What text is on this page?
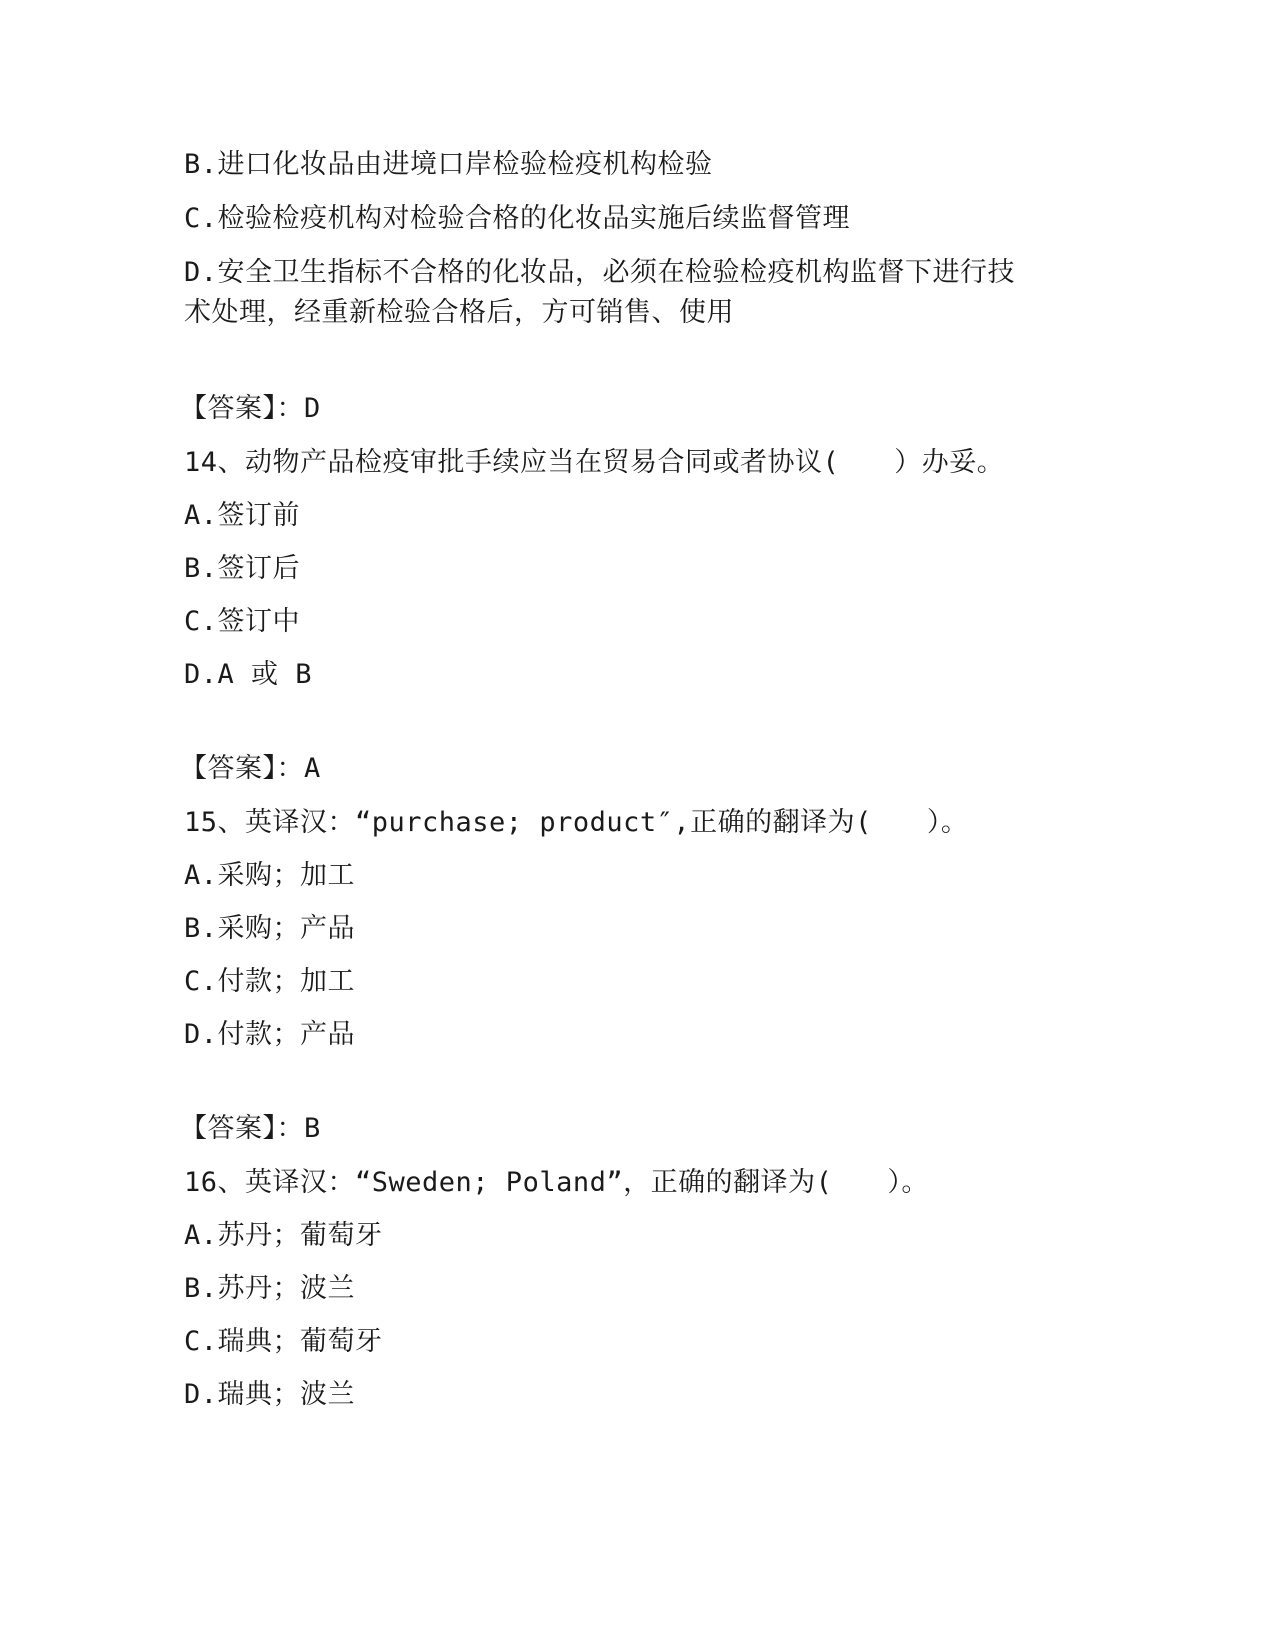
B.进口化妆品由进境口岸检验检疫机构检验
C.检验检疫机构对检验合格的化妆品实施后续监督管理
D.安全卫生指标不合格的化妆品，必须在检验检疫机构监督下进行技
术处理，经重新检验合格后，方可销售、使用
【答案】：D
14、动物产品检疫审批手续应当在贸易合同或者协议(　　）办妥。
A.签订前
B.签订后
C.签订中
D.A 或 B
【答案】：A
15、英译汉：“purchase; product″,正确的翻译为(　　）。
A.采购；加工
B.采购；产品
C.付款；加工
D.付款；产品
【答案】：B
16、英译汉：“Sweden; Poland”，正确的翻译为(　　）。
A.苏丹；葡萄牙
B.苏丹；波兰
C.瑞典；葡萄牙
D.瑞典；波兰
